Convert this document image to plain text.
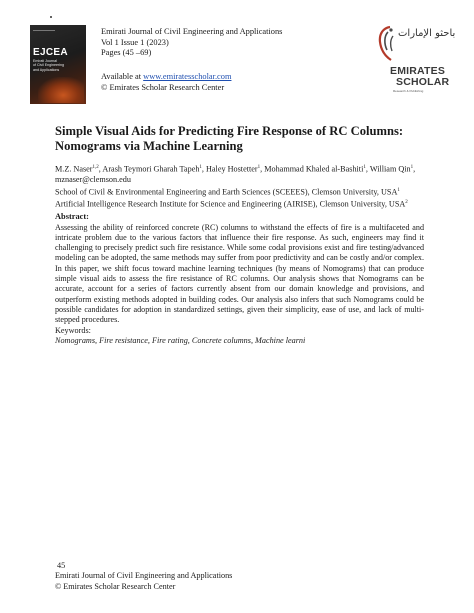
EJCEA
Emirati Journal
of Civil Engineering
and Applications
Emirati Journal of Civil Engineering and Applications
Vol 1 Issue 1 (2023)
Pages (45 –69)
Available at www.emiratesscholar.com
© Emirates Scholar Research Center
باحثو الإمارات
EMIRATES
SCHOLAR
Research & Publishing
Simple Visual Aids for Predicting Fire Response of RC Columns:
Nomograms via Machine Learning
M.Z. Naser$^{1,2}$, Arash Teymori Gharah Tapeh$^1$, Haley Hostetter$^1$, Mohammad Khaled al-Bashiti$^1$, William Qin$^1$,
mznaser@clemson.edu
School of Civil & Environmental Engineering and Earth Sciences (SCEEES), Clemson University, USA$^1$
Artificial Intelligence Research Institute for Science and Engineering (AIRISE), Clemson University, USA$^2$
Abstract:
Assessing the ability of reinforced concrete (RC) columns to withstand the effects of fire is a multifaceted and intricate problem due to the various factors that influence their fire response. As such, engineers may find it challenging to precisely predict such fire resistance. While some codal provisions exist and fire testing/advanced modeling can be adopted, the same methods may suffer from poor predictivity and can be costly and/or complex. In this paper, we shift focus toward machine learning techniques (by means of Nomograms) that can produce simple visual aids to assess the fire resistance of RC columns. Our analysis shows that Nomograms can be accurate, account for a series of factors currently absent from our domain knowledge and provisions, and outperform existing methods adopted in building codes. Our analysis also infers that such Nomograms could be possible candidates for adoption in standardized settings, given their simplicity, ease of use, and lack of multi-stepped procedures.
Keywords:
Nomograms, Fire resistance, Fire rating, Concrete columns, Machine learni
45
Emirati Journal of Civil Engineering and Applications
© Emirates Scholar Research Center
